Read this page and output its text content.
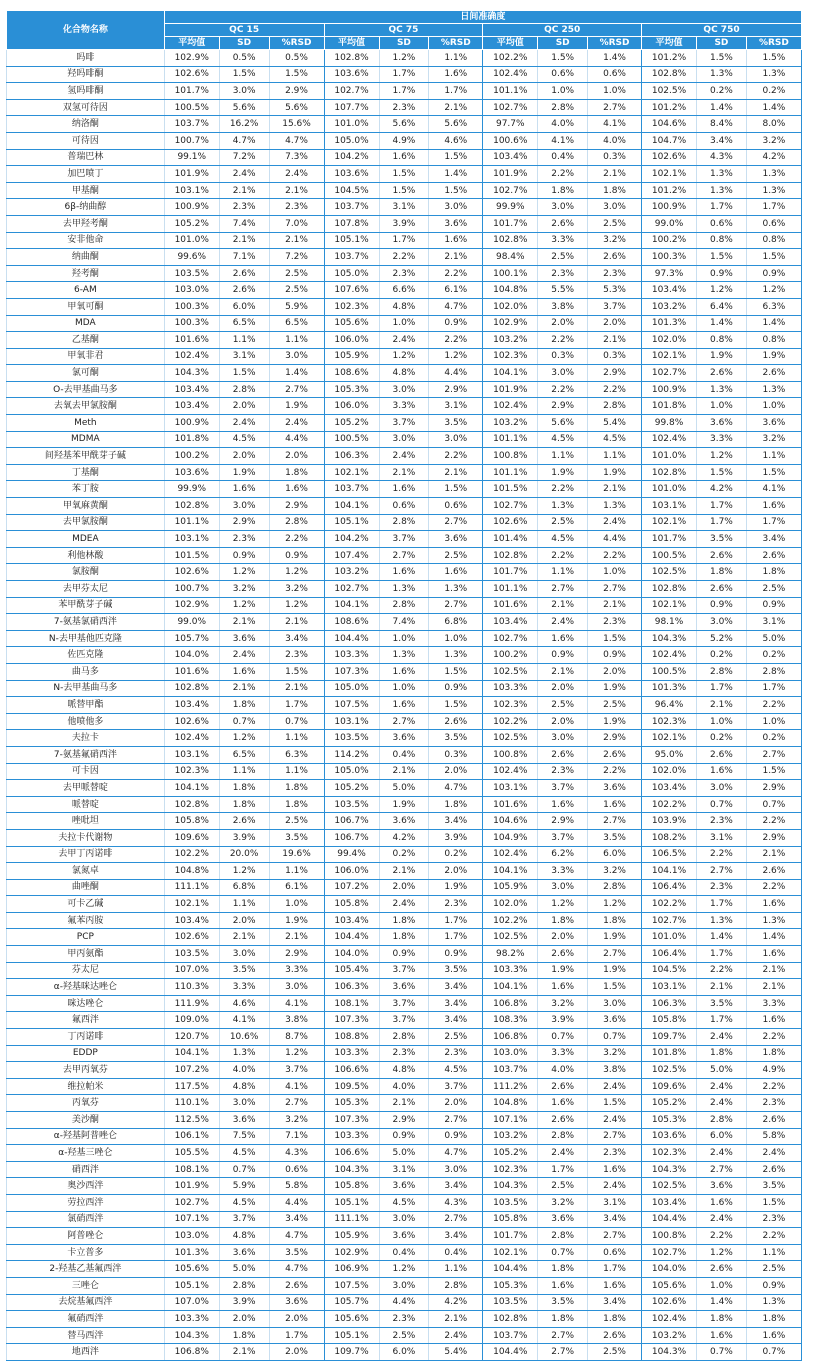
化合物名称	日间准确度											
	QC 15			QC 75			QC 250			QC 750		
	平均值	SD	%RSD	平均值	SD	%RSD	平均值	SD	%RSD	平均值	SD	%RSD
吗啡	102.9%	0.5%	0.5%	102.8%	1.2%	1.1%	102.2%	1.5%	1.4%	101.2%	1.5%	1.5%
羟吗啡酮	102.6%	1.5%	1.5%	103.6%	1.7%	1.6%	102.4%	0.6%	0.6%	102.8%	1.3%	1.3%
氢吗啡酮	101.7%	3.0%	2.9%	102.7%	1.7%	1.7%	101.1%	1.0%	1.0%	102.5%	0.2%	0.2%
双氢可待因	100.5%	5.6%	5.6%	107.7%	2.3%	2.1%	102.7%	2.8%	2.7%	101.2%	1.4%	1.4%
纳洛酮	103.7%	16.2%	15.6%	101.0%	5.6%	5.6%	97.7%	4.0%	4.1%	104.6%	8.4%	8.0%
可待因	100.7%	4.7%	4.7%	105.0%	4.9%	4.6%	100.6%	4.1%	4.0%	104.7%	3.4%	3.2%
普瑞巴林	99.1%	7.2%	7.3%	104.2%	1.6%	1.5%	103.4%	0.4%	0.3%	102.6%	4.3%	4.2%
加巴喷丁	101.9%	2.4%	2.4%	103.6%	1.5%	1.4%	101.9%	2.2%	2.1%	102.1%	1.3%	1.3%
甲基酮	103.1%	2.1%	2.1%	104.5%	1.5%	1.5%	102.7%	1.8%	1.8%	101.2%	1.3%	1.3%
6β-纳曲醇	100.9%	2.3%	2.3%	103.7%	3.1%	3.0%	99.9%	3.0%	3.0%	100.9%	1.7%	1.7%
去甲羟考酮	105.2%	7.4%	7.0%	107.8%	3.9%	3.6%	101.7%	2.6%	2.5%	99.0%	0.6%	0.6%
安非他命	101.0%	2.1%	2.1%	105.1%	1.7%	1.6%	102.8%	3.3%	3.2%	100.2%	0.8%	0.8%
纳曲酮	99.6%	7.1%	7.2%	103.7%	2.2%	2.1%	98.4%	2.5%	2.6%	100.3%	1.5%	1.5%
羟考酮	103.5%	2.6%	2.5%	105.0%	2.3%	2.2%	100.1%	2.3%	2.3%	97.3%	0.9%	0.9%
6-AM	103.0%	2.6%	2.5%	107.6%	6.6%	6.1%	104.8%	5.5%	5.3%	103.4%	1.2%	1.2%
甲氧可酮	100.3%	6.0%	5.9%	102.3%	4.8%	4.7%	102.0%	3.8%	3.7%	103.2%	6.4%	6.3%
MDA	100.3%	6.5%	6.5%	105.6%	1.0%	0.9%	102.9%	2.0%	2.0%	101.3%	1.4%	1.4%
乙基酮	101.6%	1.1%	1.1%	106.0%	2.4%	2.2%	103.2%	2.2%	2.1%	102.0%	0.8%	0.8%
甲氧非君	102.4%	3.1%	3.0%	105.9%	1.2%	1.2%	102.3%	0.3%	0.3%	102.1%	1.9%	1.9%
氯可酮	104.3%	1.5%	1.4%	108.6%	4.8%	4.4%	104.1%	3.0%	2.9%	102.7%	2.6%	2.6%
O-去甲基曲马多	103.4%	2.8%	2.7%	105.3%	3.0%	2.9%	101.9%	2.2%	2.2%	100.9%	1.3%	1.3%
去氧去甲氯胺酮	103.4%	2.0%	1.9%	106.0%	3.3%	3.1%	102.4%	2.9%	2.8%	101.8%	1.0%	1.0%
Meth	100.9%	2.4%	2.4%	105.2%	3.7%	3.5%	103.2%	5.6%	5.4%	99.8%	3.6%	3.6%
MDMA	101.8%	4.5%	4.4%	100.5%	3.0%	3.0%	101.1%	4.5%	4.5%	102.4%	3.3%	3.2%
间羟基苯甲酰芽子碱	100.2%	2.0%	2.0%	106.3%	2.4%	2.2%	100.8%	1.1%	1.1%	101.0%	1.2%	1.1%
丁基酮	103.6%	1.9%	1.8%	102.1%	2.1%	2.1%	101.1%	1.9%	1.9%	102.8%	1.5%	1.5%
苯丁胺	99.9%	1.6%	1.6%	103.7%	1.6%	1.5%	101.5%	2.2%	2.1%	101.0%	4.2%	4.1%
甲氧麻黄酮	102.8%	3.0%	2.9%	104.1%	0.6%	0.6%	102.7%	1.3%	1.3%	103.1%	1.7%	1.6%
去甲氯胺酮	101.1%	2.9%	2.8%	105.1%	2.8%	2.7%	102.6%	2.5%	2.4%	102.1%	1.7%	1.7%
MDEA	103.1%	2.3%	2.2%	104.2%	3.7%	3.6%	101.4%	4.5%	4.4%	101.7%	3.5%	3.4%
利他林酸	101.5%	0.9%	0.9%	107.4%	2.7%	2.5%	102.8%	2.2%	2.2%	100.5%	2.6%	2.6%
氯胺酮	102.6%	1.2%	1.2%	103.2%	1.6%	1.6%	101.7%	1.1%	1.0%	102.5%	1.8%	1.8%
去甲芬太尼	100.7%	3.2%	3.2%	102.7%	1.3%	1.3%	101.1%	2.7%	2.7%	102.8%	2.6%	2.5%
苯甲酰芽子碱	102.9%	1.2%	1.2%	104.1%	2.8%	2.7%	101.6%	2.1%	2.1%	102.1%	0.9%	0.9%
7-氨基氯硝西泮	99.0%	2.1%	2.1%	108.6%	7.4%	6.8%	103.4%	2.4%	2.3%	98.1%	3.0%	3.1%
N-去甲基他匹克隆	105.7%	3.6%	3.4%	104.4%	1.0%	1.0%	102.7%	1.6%	1.5%	104.3%	5.2%	5.0%
佐匹克隆	104.0%	2.4%	2.3%	103.3%	1.3%	1.3%	100.2%	0.9%	0.9%	102.4%	0.2%	0.2%
曲马多	101.6%	1.6%	1.5%	107.3%	1.6%	1.5%	102.5%	2.1%	2.0%	100.5%	2.8%	2.8%
N-去甲基曲马多	102.8%	2.1%	2.1%	105.0%	1.0%	0.9%	103.3%	2.0%	1.9%	101.3%	1.7%	1.7%
哌替甲酯	103.4%	1.8%	1.7%	107.5%	1.6%	1.5%	102.3%	2.5%	2.5%	96.4%	2.1%	2.2%
他喷他多	102.6%	0.7%	0.7%	103.1%	2.7%	2.6%	102.2%	2.0%	1.9%	102.3%	1.0%	1.0%
夫拉卡	102.4%	1.2%	1.1%	103.5%	3.6%	3.5%	102.5%	3.0%	2.9%	102.1%	0.2%	0.2%
7-氨基氟硝西泮	103.1%	6.5%	6.3%	114.2%	0.4%	0.3%	100.8%	2.6%	2.6%	95.0%	2.6%	2.7%
可卡因	102.3%	1.1%	1.1%	105.0%	2.1%	2.0%	102.4%	2.3%	2.2%	102.0%	1.6%	1.5%
去甲哌替啶	104.1%	1.8%	1.8%	105.2%	5.0%	4.7%	103.1%	3.7%	3.6%	103.4%	3.0%	2.9%
哌替啶	102.8%	1.8%	1.8%	103.5%	1.9%	1.8%	101.6%	1.6%	1.6%	102.2%	0.7%	0.7%
唑吡坦	105.8%	2.6%	2.5%	106.7%	3.6%	3.4%	104.6%	2.9%	2.7%	103.9%	2.3%	2.2%
夫拉卡代谢物	109.6%	3.9%	3.5%	106.7%	4.2%	3.9%	104.9%	3.7%	3.5%	108.2%	3.1%	2.9%
去甲丁丙诺啡	102.2%	20.0%	19.6%	99.4%	0.2%	0.2%	102.4%	6.2%	6.0%	106.5%	2.2%	2.1%
氯氮卓	104.8%	1.2%	1.1%	106.0%	2.1%	2.0%	104.1%	3.3%	3.2%	104.1%	2.7%	2.6%
曲唑酮	111.1%	6.8%	6.1%	107.2%	2.0%	1.9%	105.9%	3.0%	2.8%	106.4%	2.3%	2.2%
可卡乙碱	102.1%	1.1%	1.0%	105.8%	2.4%	2.3%	102.0%	1.2%	1.2%	102.2%	1.7%	1.6%
氟苯丙胺	103.4%	2.0%	1.9%	103.4%	1.8%	1.7%	102.2%	1.8%	1.8%	102.7%	1.3%	1.3%
PCP	102.6%	2.1%	2.1%	104.4%	1.8%	1.7%	102.5%	2.0%	1.9%	101.0%	1.4%	1.4%
甲丙氨酯	103.5%	3.0%	2.9%	104.0%	0.9%	0.9%	98.2%	2.6%	2.7%	106.4%	1.7%	1.6%
芬太尼	107.0%	3.5%	3.3%	105.4%	3.7%	3.5%	103.3%	1.9%	1.9%	104.5%	2.2%	2.1%
α-羟基咪达唑仑	110.3%	3.3%	3.0%	106.3%	3.6%	3.4%	104.1%	1.6%	1.5%	103.1%	2.1%	2.1%
咪达唑仑	111.9%	4.6%	4.1%	108.1%	3.7%	3.4%	106.8%	3.2%	3.0%	106.3%	3.5%	3.3%
氟西泮	109.0%	4.1%	3.8%	107.3%	3.7%	3.4%	108.3%	3.9%	3.6%	105.8%	1.7%	1.6%
丁丙诺啡	120.7%	10.6%	8.7%	108.8%	2.8%	2.5%	106.8%	0.7%	0.7%	109.7%	2.4%	2.2%
EDDP	104.1%	1.3%	1.2%	103.3%	2.3%	2.3%	103.0%	3.3%	3.2%	101.8%	1.8%	1.8%
去甲丙氧芬	107.2%	4.0%	3.7%	106.6%	4.8%	4.5%	103.7%	4.0%	3.8%	102.5%	5.0%	4.9%
维拉帕米	117.5%	4.8%	4.1%	109.5%	4.0%	3.7%	111.2%	2.6%	2.4%	109.6%	2.4%	2.2%
丙氧芬	110.1%	3.0%	2.7%	105.3%	2.1%	2.0%	104.8%	1.6%	1.5%	105.2%	2.4%	2.3%
美沙酮	112.5%	3.6%	3.2%	107.3%	2.9%	2.7%	107.1%	2.6%	2.4%	105.3%	2.8%	2.6%
α-羟基阿普唑仑	106.1%	7.5%	7.1%	103.3%	0.9%	0.9%	103.2%	2.8%	2.7%	103.6%	6.0%	5.8%
α-羟基三唑仑	105.5%	4.5%	4.3%	106.6%	5.0%	4.7%	105.2%	2.4%	2.3%	102.3%	2.4%	2.4%
硝西泮	108.1%	0.7%	0.6%	104.3%	3.1%	3.0%	102.3%	1.7%	1.6%	104.3%	2.7%	2.6%
奥沙西泮	101.9%	5.9%	5.8%	105.8%	3.6%	3.4%	104.3%	2.5%	2.4%	102.5%	3.6%	3.5%
劳拉西泮	102.7%	4.5%	4.4%	105.1%	4.5%	4.3%	103.5%	3.2%	3.1%	103.4%	1.6%	1.5%
氯硝西泮	107.1%	3.7%	3.4%	111.1%	3.0%	2.7%	105.8%	3.6%	3.4%	104.4%	2.4%	2.3%
阿普唑仑	103.0%	4.8%	4.7%	105.9%	3.6%	3.4%	101.7%	2.8%	2.7%	100.8%	2.2%	2.2%
卡立普多	101.3%	3.6%	3.5%	102.9%	0.4%	0.4%	102.1%	0.7%	0.6%	102.7%	1.2%	1.1%
2-羟基乙基氟西泮	105.6%	5.0%	4.7%	106.9%	1.2%	1.1%	104.4%	1.8%	1.7%	104.0%	2.6%	2.5%
三唑仑	105.1%	2.8%	2.6%	107.5%	3.0%	2.8%	105.3%	1.6%	1.6%	105.6%	1.0%	0.9%
去烷基氟西泮	107.0%	3.9%	3.6%	105.7%	4.4%	4.2%	103.5%	3.5%	3.4%	102.6%	1.4%	1.3%
氟硝西泮	103.3%	2.0%	2.0%	105.6%	2.3%	2.1%	102.8%	1.8%	1.8%	102.4%	1.8%	1.8%
替马西泮	104.3%	1.8%	1.7%	105.1%	2.5%	2.4%	103.7%	2.7%	2.6%	103.2%	1.6%	1.6%
地西泮	106.8%	2.1%	2.0%	109.7%	6.0%	5.4%	104.4%	2.7%	2.5%	104.3%	0.7%	0.7%
